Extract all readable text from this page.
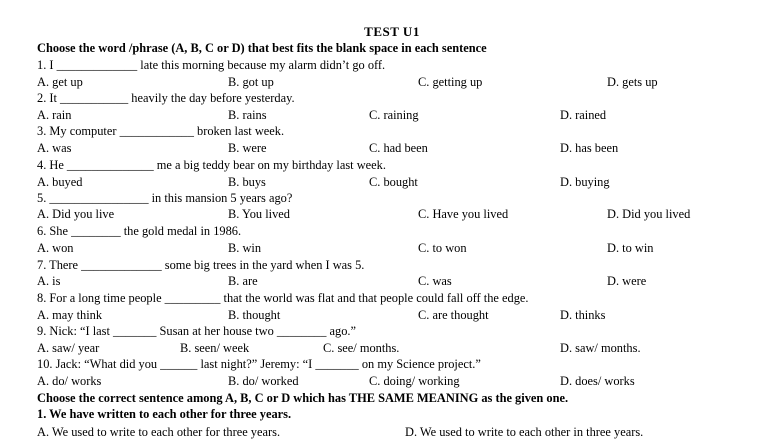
TEST U1
Choose the word /phrase (A, B, C or D) that best fits the blank space in each sentence
1. I _____________ late this morning because my alarm didn’t go off.
A. get up	B. got up	C. getting up	D. gets up
2. It ___________ heavily the day before yesterday.
A. rain	B. rains	C. raining	D. rained
3. My computer ____________ broken last week.
A. was	B. were	C. had been	D. has been
4. He ______________ me a big teddy bear on my birthday last week.
A. buyed	B. buys	C. bought	D. buying
5. ________________ in this mansion 5 years ago?
A. Did you live	B. You lived	C. Have you lived	D. Did you lived
6. She ________ the gold medal in 1986.
A. won	B. win	C. to won	D. to win
7. There _____________ some big trees in the yard when I was 5.
A. is	B. are	C. was	D. were
8. For a long time people _________ that the world was flat and that people could fall off the edge.
A. may think	B. thought	C. are thought	D. thinks
9. Nick: “I last _______ Susan at her house two ________ ago.”
A. saw/ year	B. seen/ week	C. see/ months.	D. saw/ months.
10. Jack: “What did you ______ last night?” Jeremy: “I _______ on my Science project.”
A. do/ works	B. do/ worked	C. doing/ working	D. does/ works
Choose the correct sentence among A, B, C or D which has THE SAME MEANING as the given one.
1. We have written to each other for three years.
A. We used to write to each other for three years.	D. We used to write to each other in three years.
